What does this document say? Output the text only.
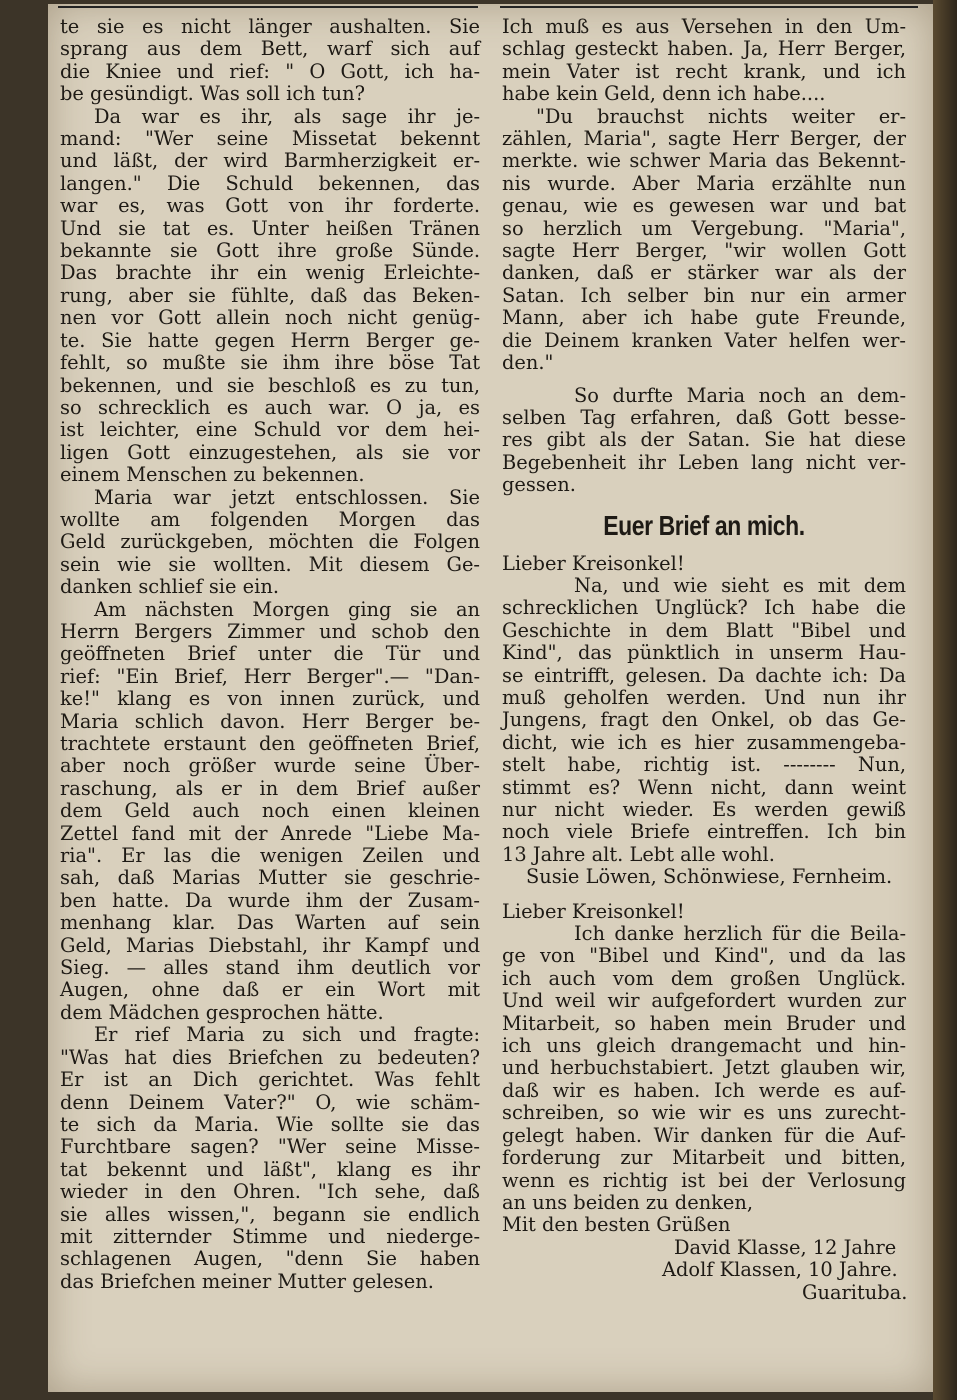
te sie es nicht länger aushalten. Sie
sprang aus dem Bett, warf sich auf
die Kniee und rief: " O Gott, ich ha-
be gesündigt. Was soll ich tun?
Da war es ihr, als sage ihr je-
mand: "Wer seine Missetat bekennt
und läßt, der wird Barmherzigkeit er-
langen." Die Schuld bekennen, das
war es, was Gott von ihr forderte.
Und sie tat es. Unter heißen Tränen
bekannte sie Gott ihre große Sünde.
Das brachte ihr ein wenig Erleichte-
rung, aber sie fühlte, daß das Beken-
nen vor Gott allein noch nicht genüg-
te. Sie hatte gegen Herrn Berger ge-
fehlt, so mußte sie ihm ihre böse Tat
bekennen, und sie beschloß es zu tun,
so schrecklich es auch war. O ja, es
ist leichter, eine Schuld vor dem hei-
ligen Gott einzugestehen, als sie vor
einem Menschen zu bekennen.
Maria war jetzt entschlossen. Sie
wollte am folgenden Morgen das
Geld zurückgeben, möchten die Folgen
sein wie sie wollten. Mit diesem Ge-
danken schlief sie ein.
Am nächsten Morgen ging sie an
Herrn Bergers Zimmer und schob den
geöffneten Brief unter die Tür und
rief: "Ein Brief, Herr Berger".— "Dan-
ke!" klang es von innen zurück, und
Maria schlich davon. Herr Berger be-
trachtete erstaunt den geöffneten Brief,
aber noch größer wurde seine Über-
raschung, als er in dem Brief außer
dem Geld auch noch einen kleinen
Zettel fand mit der Anrede "Liebe Ma-
ria". Er las die wenigen Zeilen und
sah, daß Marias Mutter sie geschrie-
ben hatte. Da wurde ihm der Zusam-
menhang klar. Das Warten auf sein
Geld, Marias Diebstahl, ihr Kampf und
Sieg. — alles stand ihm deutlich vor
Augen, ohne daß er ein Wort mit
dem Mädchen gesprochen hätte.
Er rief Maria zu sich und fragte:
"Was hat dies Briefchen zu bedeuten?
Er ist an Dich gerichtet. Was fehlt
denn Deinem Vater?" O, wie schäm-
te sich da Maria. Wie sollte sie das
Furchtbare sagen? "Wer seine Misse-
tat bekennt und läßt", klang es ihr
wieder in den Ohren. "Ich sehe, daß
sie alles wissen,", begann sie endlich
mit zitternder Stimme und niederge-
schlagenen Augen, "denn Sie haben
das Briefchen meiner Mutter gelesen.
Ich muß es aus Versehen in den Um-
schlag gesteckt haben. Ja, Herr Berger,
mein Vater ist recht krank, und ich
habe kein Geld, denn ich habe....
"Du brauchst nichts weiter er-
zählen, Maria", sagte Herr Berger, der
merkte. wie schwer Maria das Bekennt-
nis wurde. Aber Maria erzählte nun
genau, wie es gewesen war und bat
so herzlich um Vergebung. "Maria",
sagte Herr Berger, "wir wollen Gott
danken, daß er stärker war als der
Satan. Ich selber bin nur ein armer
Mann, aber ich habe gute Freunde,
die Deinem kranken Vater helfen wer-
den."
So durfte Maria noch an dem-
selben Tag erfahren, daß Gott besse-
res gibt als der Satan. Sie hat diese
Begebenheit ihr Leben lang nicht ver-
gessen.
Euer Brief an mich.
Lieber Kreisonkel!
Na, und wie sieht es mit dem
schrecklichen Unglück? Ich habe die
Geschichte in dem Blatt "Bibel und
Kind", das pünktlich in unserm Hau-
se eintrifft, gelesen. Da dachte ich: Da
muß geholfen werden. Und nun ihr
Jungens, fragt den Onkel, ob das Ge-
dicht, wie ich es hier zusammengeba-
stelt habe, richtig ist. -------- Nun,
stimmt es? Wenn nicht, dann weint
nur nicht wieder. Es werden gewiß
noch viele Briefe eintreffen. Ich bin
13 Jahre alt. Lebt alle wohl.
Susie Löwen, Schönwiese, Fernheim.
Lieber Kreisonkel!
Ich danke herzlich für die Beila-
ge von "Bibel und Kind", und da las
ich auch vom dem großen Unglück.
Und weil wir aufgefordert wurden zur
Mitarbeit, so haben mein Bruder und
ich uns gleich drangemacht und hin-
und herbuchstabiert. Jetzt glauben wir,
daß wir es haben. Ich werde es auf-
schreiben, so wie wir es uns zurecht-
gelegt haben. Wir danken für die Auf-
forderung zur Mitarbeit und bitten,
wenn es richtig ist bei der Verlosung
an uns beiden zu denken,
Mit den besten Grüßen
David Klasse, 12 Jahre
Adolf Klassen, 10 Jahre.
Guarituba.
